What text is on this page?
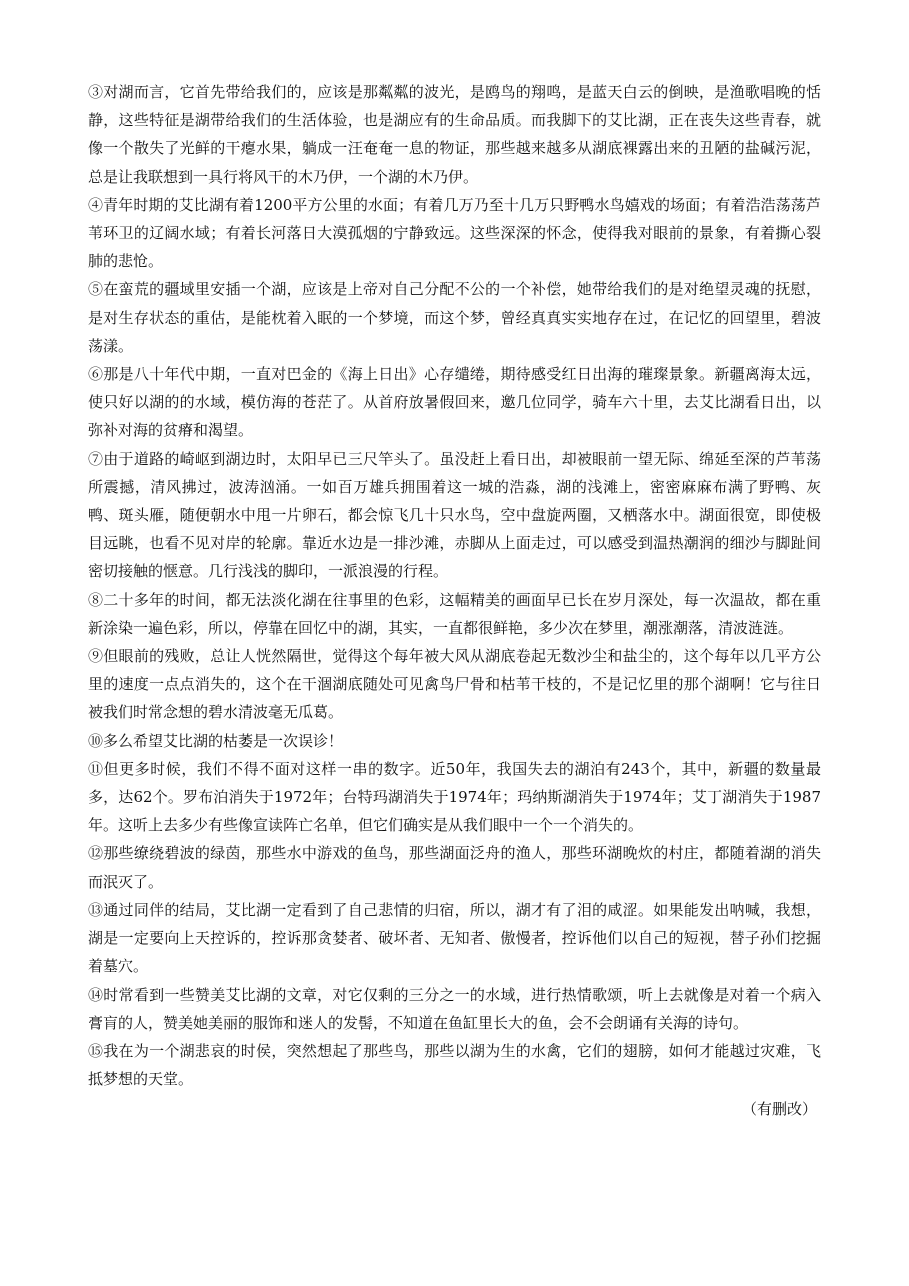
③对湖而言，它首先带给我们的，应该是那粼粼的波光，是鸥鸟的翔鸣，是蓝天白云的倒映，是渔歌唱晚的恬静，这些特征是湖带给我们的生活体验，也是湖应有的生命品质。而我脚下的艾比湖，正在丧失这些青春，就像一个散失了光鲜的干瘪水果，躺成一汪奄奄一息的物证，那些越来越多从湖底裸露出来的丑陋的盐碱污泥，总是让我联想到一具行将风干的木乃伊，一个湖的木乃伊。

④青年时期的艾比湖有着1200平方公里的水面；有着几万乃至十几万只野鸭水鸟嬉戏的场面；有着浩浩荡荡芦苇环卫的辽阔水域；有着长河落日大漠孤烟的宁静致远。这些深深的怀念，使得我对眼前的景象，有着撕心裂肺的悲怆。

⑤在蛮荒的疆域里安插一个湖，应该是上帝对自己分配不公的一个补偿，她带给我们的是对绝望灵魂的抚慰，是对生存状态的重估，是能枕着入眠的一个梦境，而这个梦，曾经真真实实地存在过，在记忆的回望里，碧波荡漾。

⑥那是八十年代中期，一直对巴金的《海上日出》心存缱绻，期待感受红日出海的璀璨景象。新疆离海太远，使只好以湖的的水域，模仿海的苍茫了。从首府放暑假回来，邀几位同学，骑车六十里，去艾比湖看日出，以弥补对海的贫瘠和渴望。

⑦由于道路的崎岖到湖边时，太阳早已三尺竿头了。虽没赶上看日出，却被眼前一望无际、绵延至深的芦苇荡所震撼，清风拂过，波涛汹涌。一如百万雄兵拥围着这一城的浩淼，湖的浅滩上，密密麻麻布满了野鸭、灰鸭、斑头雁，随便朝水中甩一片卵石，都会惊飞几十只水鸟，空中盘旋两圈，又栖落水中。湖面很宽，即使极目远眺，也看不见对岸的轮廓。靠近水边是一排沙滩，赤脚从上面走过，可以感受到温热潮润的细沙与脚趾间密切接触的惬意。几行浅浅的脚印，一派浪漫的行程。

⑧二十多年的时间，都无法淡化湖在往事里的色彩，这幅精美的画面早已长在岁月深处，每一次温故，都在重新涂染一遍色彩，所以，停靠在回忆中的湖，其实，一直都很鲜艳，多少次在梦里，潮涨潮落，清波涟涟。

⑨但眼前的残败，总让人恍然隔世，觉得这个每年被大风从湖底卷起无数沙尘和盐尘的，这个每年以几平方公里的速度一点点消失的，这个在干涸湖底随处可见禽鸟尸骨和枯苇干枝的，不是记忆里的那个湖啊！它与往日被我们时常念想的碧水清波毫无瓜葛。

⑩多么希望艾比湖的枯萎是一次误诊！

⑪但更多时候，我们不得不面对这样一串的数字。近50年，我国失去的湖泊有243个，其中，新疆的数量最多，达62个。罗布泊消失于1972年；台特玛湖消失于1974年；玛纳斯湖消失于1974年；艾丁湖消失于1987年。这听上去多少有些像宣读阵亡名单，但它们确实是从我们眼中一个一个消失的。

⑫那些缭绕碧波的绿茵，那些水中游戏的鱼鸟，那些湖面泛舟的渔人，那些环湖晚炊的村庄，都随着湖的消失而泯灭了。

⑬通过同伴的结局，艾比湖一定看到了自己悲情的归宿，所以，湖才有了泪的咸涩。如果能发出呐喊，我想，湖是一定要向上天控诉的，控诉那贪婪者、破坏者、无知者、傲慢者，控诉他们以自己的短视，替子孙们挖掘着墓穴。

⑭时常看到一些赞美艾比湖的文章，对它仅剩的三分之一的水域，进行热情歌颂，听上去就像是对着一个病入膏肓的人，赞美她美丽的服饰和迷人的发髻，不知道在鱼缸里长大的鱼，会不会朗诵有关海的诗句。

⑮我在为一个湖悲哀的时侯，突然想起了那些鸟，那些以湖为生的水禽，它们的翅膀，如何才能越过灾难，飞抵梦想的天堂。

（有删改）
